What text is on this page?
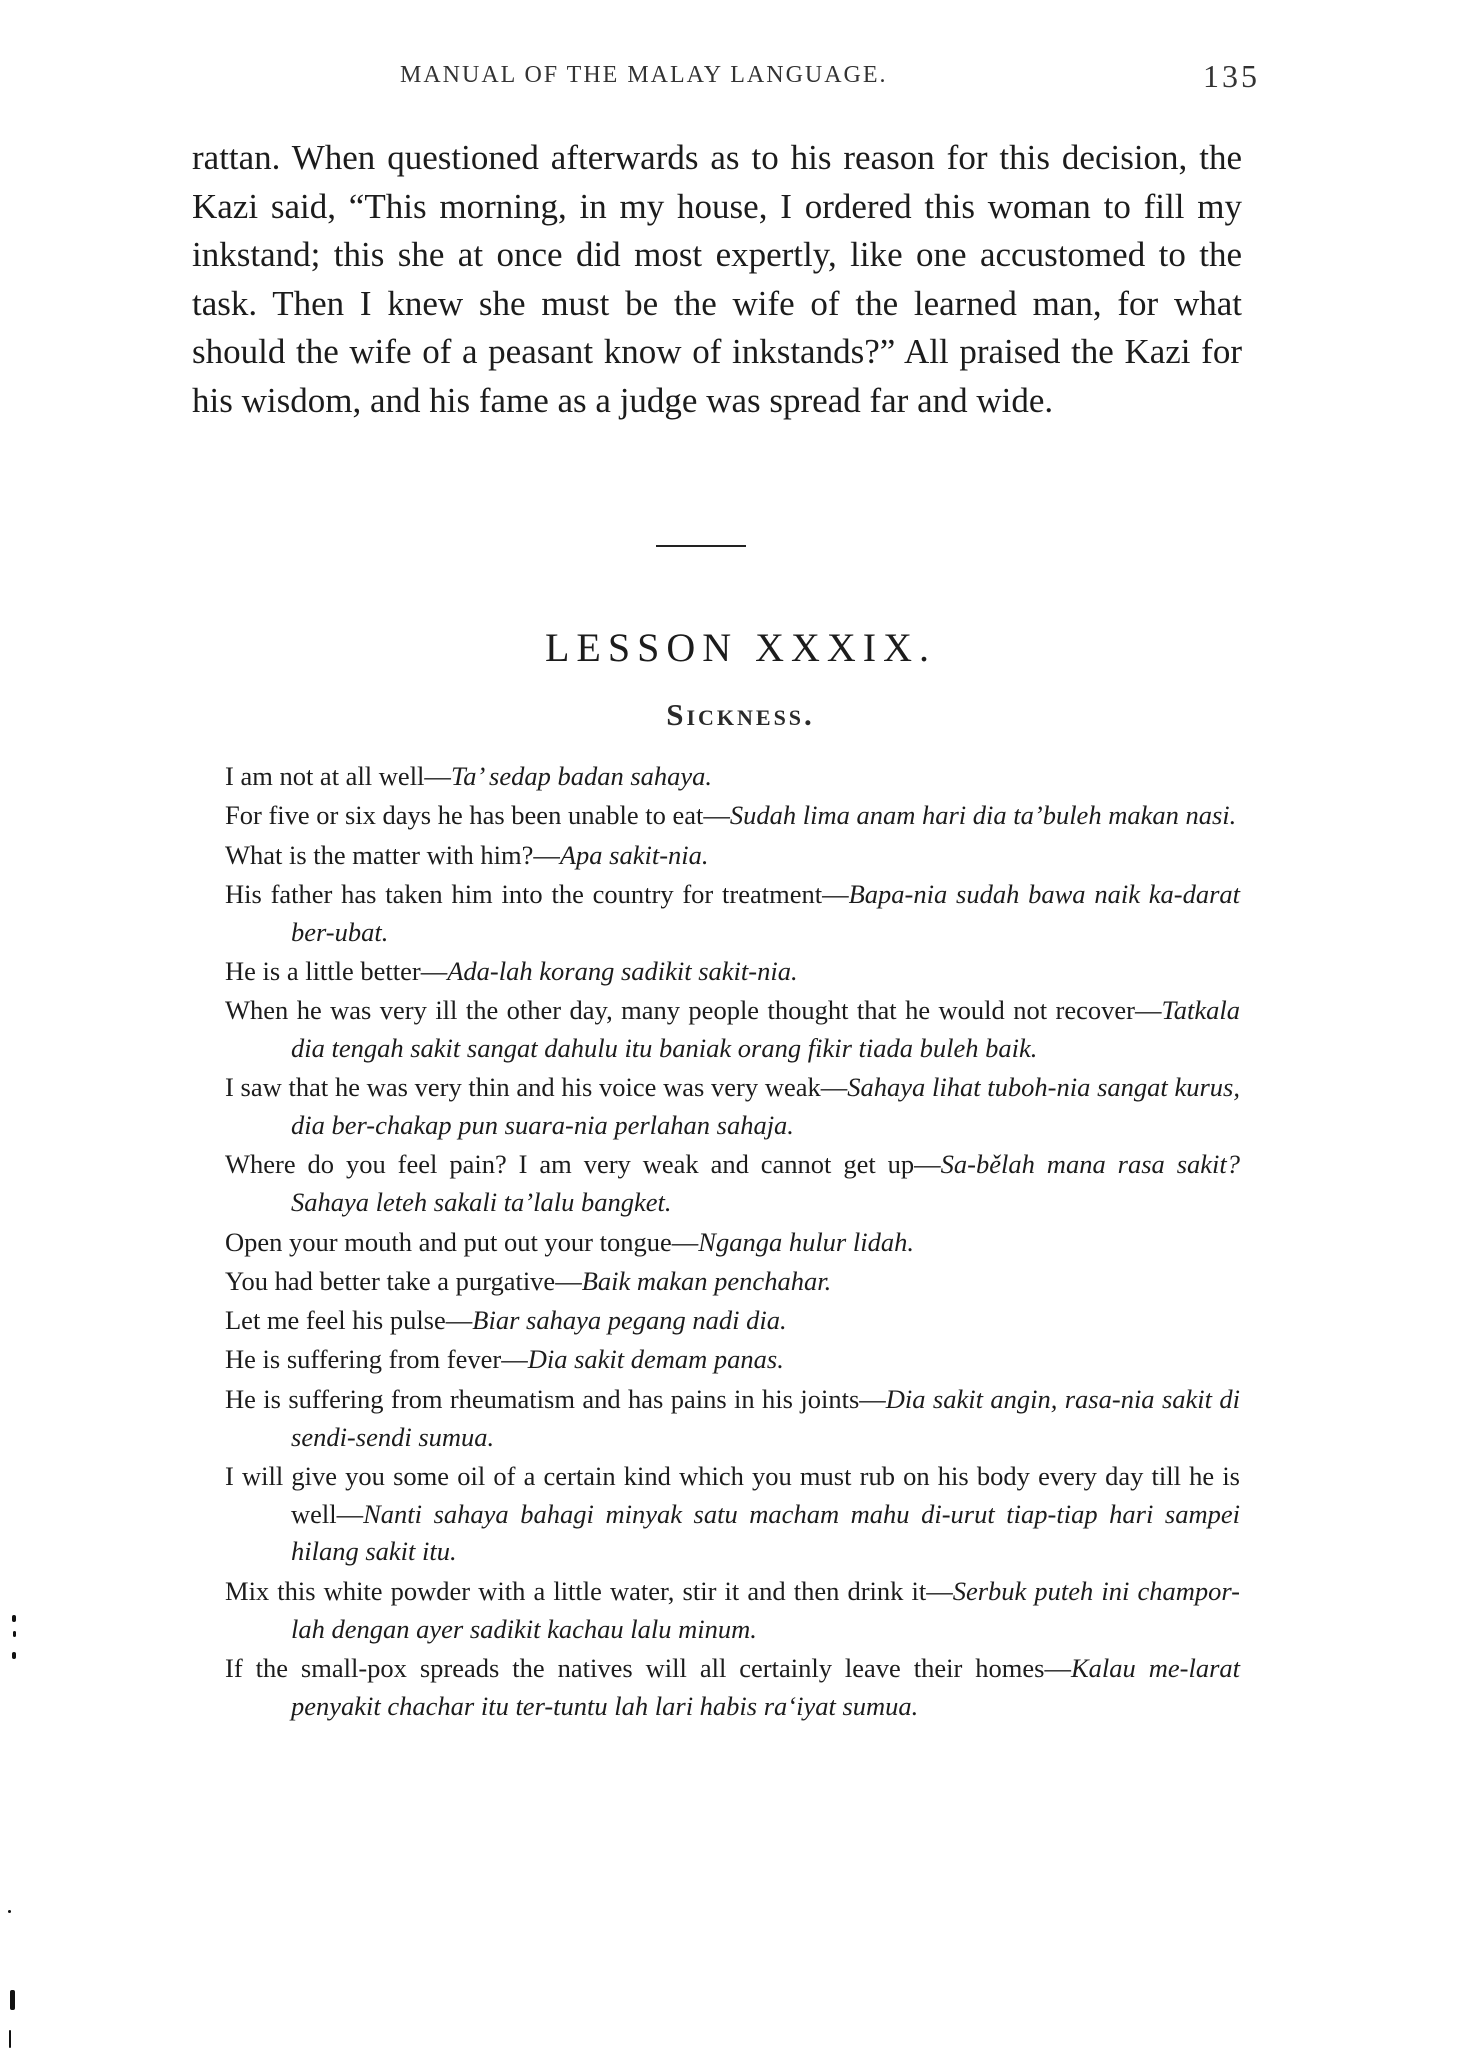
MANUAL OF THE MALAY LANGUAGE.	135

rattan. When questioned afterwards as to his reason for this decision, the Kazi said, “This morning, in my house, I ordered this woman to fill my inkstand; this she at once did most expertly, like one accustomed to the task. Then I knew she must be the wife of the learned man, for what should the wife of a peasant know of inkstands?” All praised the Kazi for his wisdom, and his fame as a judge was spread far and wide.

LESSON XXXIX.
Sickness.
I am not at all well—Ta’ sedap badan sahaya.
For five or six days he has been unable to eat—Sudah lima anam hari dia ta’buleh makan nasi.
What is the matter with him?—Apa sakit-nia.
His father has taken him into the country for treatment—Bapa-nia sudah bawa naik ka-darat ber-ubat.
He is a little better—Ada-lah korang sadikit sakit-nia.
When he was very ill the other day, many people thought that he would not recover—Tatkala dia tengah sakit sangat dahulu itu baniak orang fikir tiada buleh baik.
I saw that he was very thin and his voice was very weak—Sahaya lihat tuboh-nia sangat kurus, dia ber-chakap pun suara-nia perlahan sahaja.
Where do you feel pain? I am very weak and cannot get up—Sa-bělah mana rasa sakit? Sahaya leteh sakali ta’lalu bangket.
Open your mouth and put out your tongue—Nganga hulur lidah.
You had better take a purgative—Baik makan penchahar.
Let me feel his pulse—Biar sahaya pegang nadi dia.
He is suffering from fever—Dia sakit demam panas.
He is suffering from rheumatism and has pains in his joints—Dia sakit angin, rasa-nia sakit di sendi-sendi sumua.
I will give you some oil of a certain kind which you must rub on his body every day till he is well—Nanti sahaya bahagi minyak satu macham mahu di-urut tiap-tiap hari sampei hilang sakit itu.
Mix this white powder with a little water, stir it and then drink it—Serbuk puteh ini champor-lah dengan ayer sadikit kachau lalu minum.
If the small-pox spreads the natives will all certainly leave their homes—Kalau me-larat penyakit chachar itu ter-tuntu lah lari habis ra‘iyat sumua.
